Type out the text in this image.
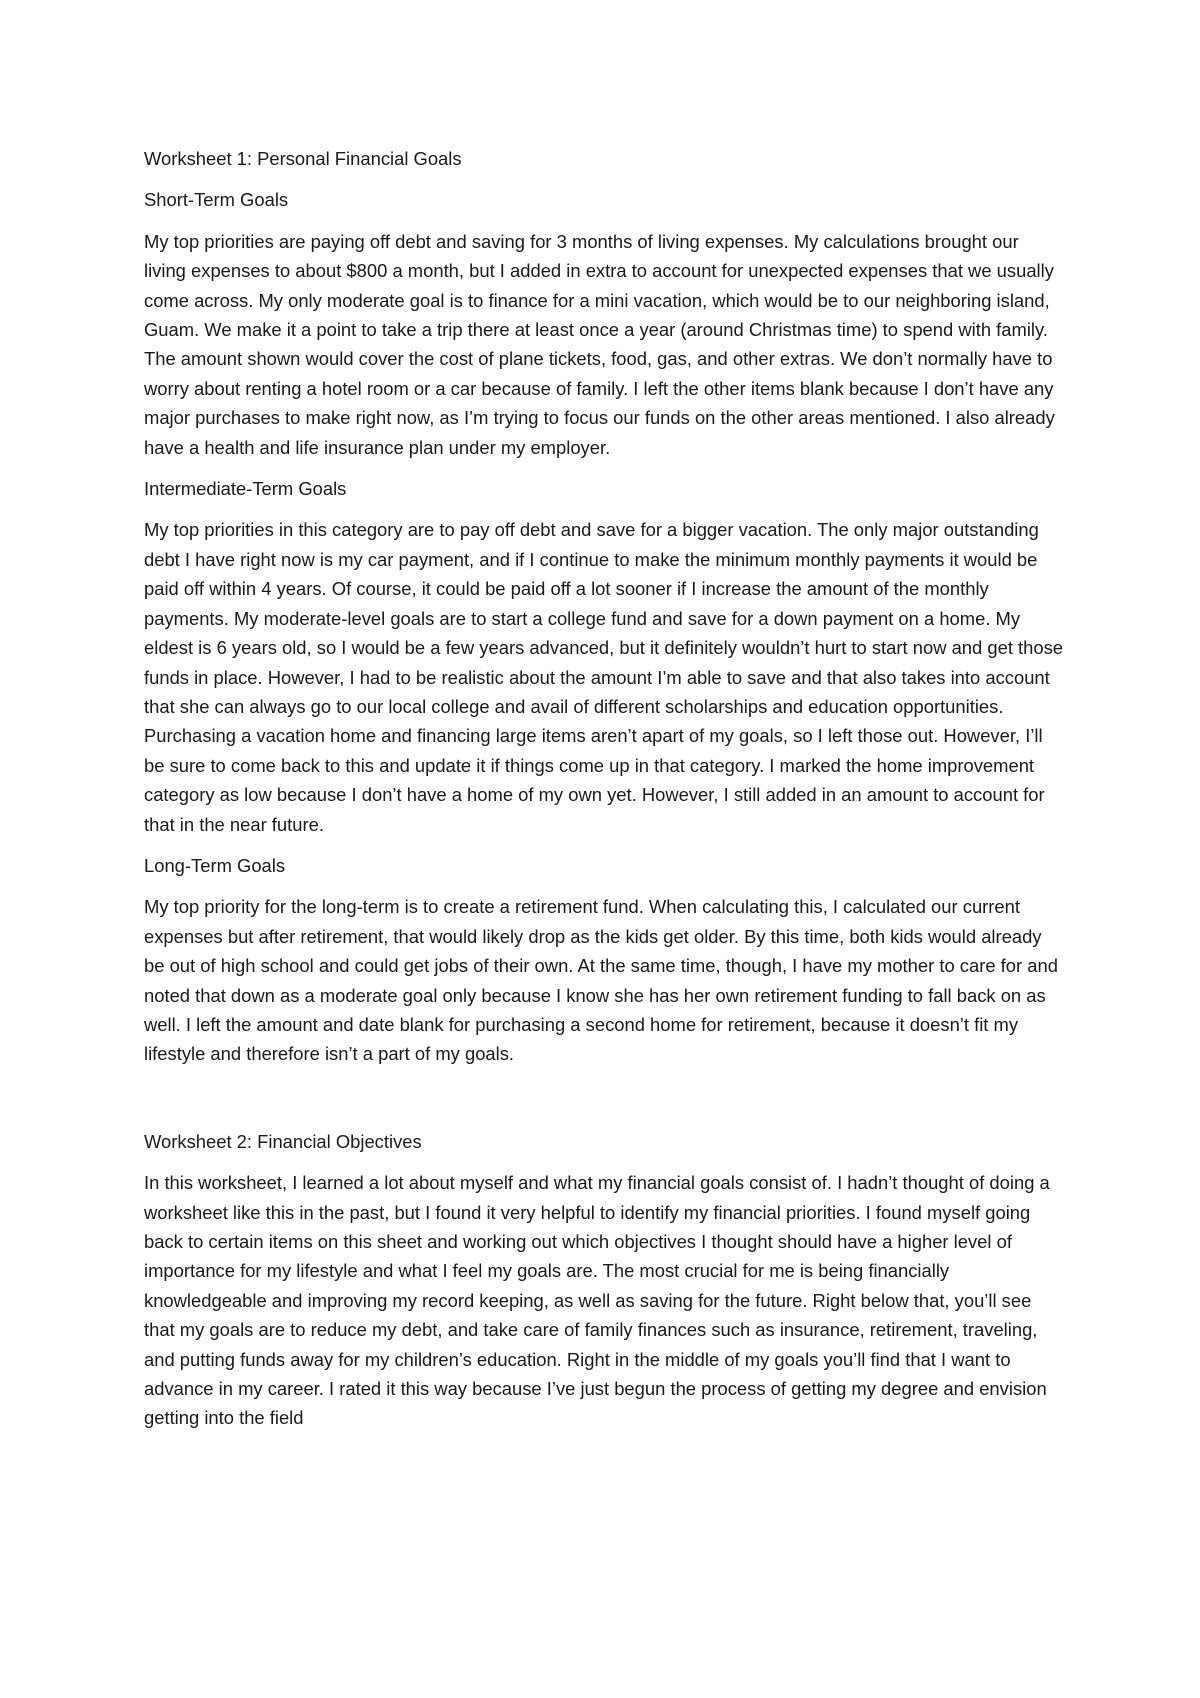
Worksheet 1: Personal Financial Goals
Short-Term Goals

My top priorities are paying off debt and saving for 3 months of living expenses. My calculations brought our living expenses to about $800 a month, but I added in extra to account for unexpected expenses that we usually come across. My only moderate goal is to finance for a mini vacation, which would be to our neighboring island, Guam. We make it a point to take a trip there at least once a year (around Christmas time) to spend with family. The amount shown would cover the cost of plane tickets, food, gas, and other extras. We don’t normally have to worry about renting a hotel room or a car because of family. I left the other items blank because I don’t have any major purchases to make right now, as I’m trying to focus our funds on the other areas mentioned. I also already have a health and life insurance plan under my employer.

Intermediate-Term Goals

My top priorities in this category are to pay off debt and save for a bigger vacation. The only major outstanding debt I have right now is my car payment, and if I continue to make the minimum monthly payments it would be paid off within 4 years. Of course, it could be paid off a lot sooner if I increase the amount of the monthly payments. My moderate-level goals are to start a college fund and save for a down payment on a home. My eldest is 6 years old, so I would be a few years advanced, but it definitely wouldn’t hurt to start now and get those funds in place. However, I had to be realistic about the amount I’m able to save and that also takes into account that she can always go to our local college and avail of different scholarships and education opportunities. Purchasing a vacation home and financing large items aren’t apart of my goals, so I left those out. However, I’ll be sure to come back to this and update it if things come up in that category. I marked the home improvement category as low because I don’t have a home of my own yet. However, I still added in an amount to account for that in the near future.

Long-Term Goals

My top priority for the long-term is to create a retirement fund. When calculating this, I calculated our current expenses but after retirement, that would likely drop as the kids get older. By this time, both kids would already be out of high school and could get jobs of their own. At the same time, though, I have my mother to care for and noted that down as a moderate goal only because I know she has her own retirement funding to fall back on as well. I left the amount and date blank for purchasing a second home for retirement, because it doesn’t fit my lifestyle and therefore isn’t a part of my goals.

Worksheet 2: Financial Objectives

In this worksheet, I learned a lot about myself and what my financial goals consist of. I hadn’t thought of doing a worksheet like this in the past, but I found it very helpful to identify my financial priorities. I found myself going back to certain items on this sheet and working out which objectives I thought should have a higher level of importance for my lifestyle and what I feel my goals are. The most crucial for me is being financially knowledgeable and improving my record keeping, as well as saving for the future. Right below that, you’ll see that my goals are to reduce my debt, and take care of family finances such as insurance, retirement, traveling, and putting funds away for my children’s education. Right in the middle of my goals you’ll find that I want to advance in my career. I rated it this way because I’ve just begun the process of getting my degree and envision getting into the field
